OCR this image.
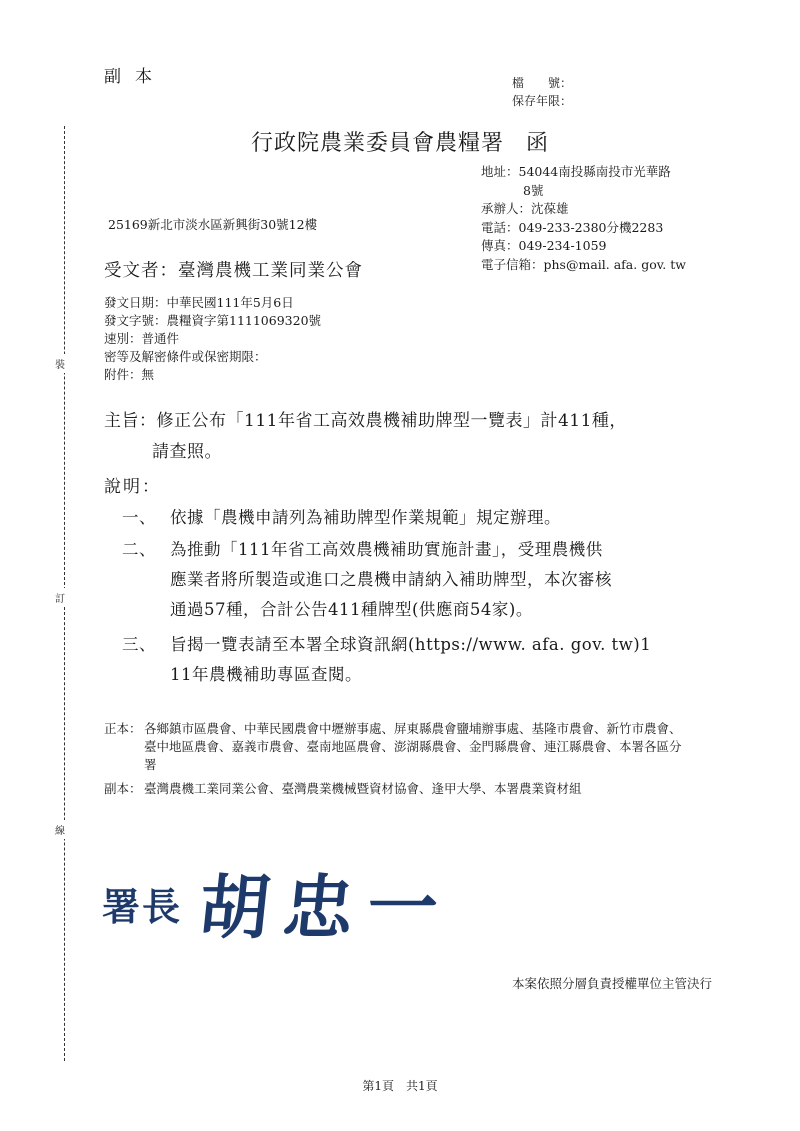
裝
訂
線
副本	檔　　號：
保存年限：
行政院農業委員會農糧署 函
地址：54044南投縣南投市光華路
8號
承辦人：沈葆雄
電話：049-233-2380分機2283
傳真：049-234-1059
電子信箱：phs@mail. afa. gov. tw
25169新北市淡水區新興街30號12樓
受文者：臺灣農機工業同業公會
發文日期：中華民國111年5月6日
發文字號：農糧資字第1111069320號
速別：普通件
密等及解密條件或保密期限：
附件：無
主旨：修正公布「111年省工高效農機補助牌型一覽表」計411種，
請查照。
說明：
一、 依據「農機申請列為補助牌型作業規範」規定辦理。
二、 為推動「111年省工高效農機補助實施計畫」，受理農機供
應業者將所製造或進口之農機申請納入補助牌型，本次審核
通過57種，合計公告411種牌型(供應商54家)。
三、 旨揭一覽表請至本署全球資訊網(https://www. afa. gov. tw)1
11年農機補助專區查閱。
正本： 各鄉鎮市區農會、中華民國農會中壢辦事處、屏東縣農會鹽埔辦事處、基隆市農會、新竹市農會、臺中地區農會、嘉義市農會、臺南地區農會、澎湖縣農會、金門縣農會、連江縣農會、本署各區分署
副本： 臺灣農機工業同業公會、臺灣農業機械暨資材協會、逢甲大學、本署農業資材組
署長 胡忠一
本案依照分層負責授權單位主管決行
第1頁　共1頁
